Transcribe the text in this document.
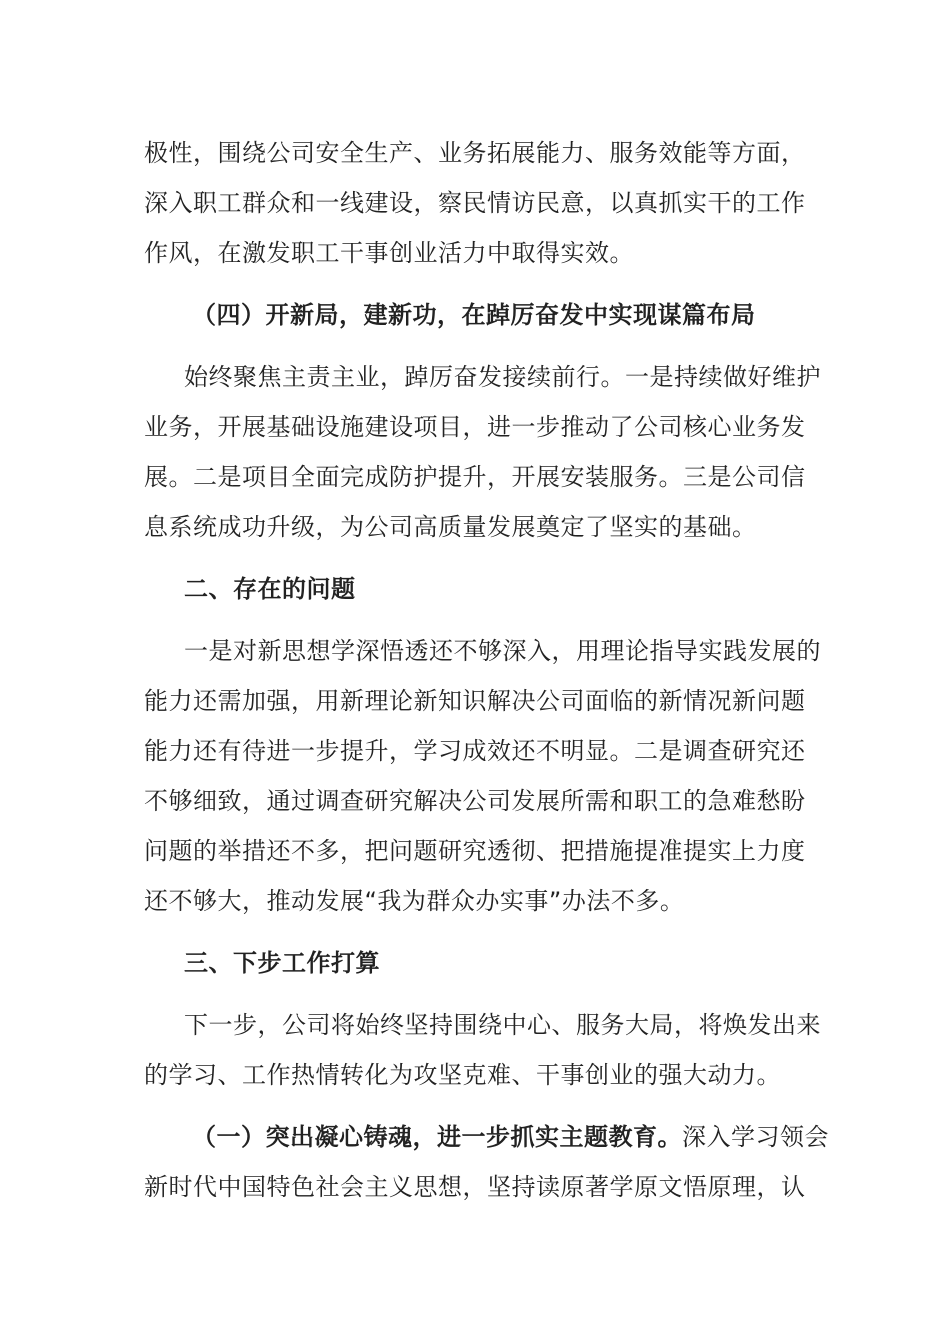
极性，围绕公司安全生产、业务拓展能力、服务效能等方面，
深入职工群众和一线建设，察民情访民意，以真抓实干的工作
作风，在激发职工干事创业活力中取得实效。
（四）开新局，建新功，在踔厉奋发中实现谋篇布局
始终聚焦主责主业，踔厉奋发接续前行。一是持续做好维护
业务，开展基础设施建设项目，进一步推动了公司核心业务发
展。二是项目全面完成防护提升，开展安装服务。三是公司信
息系统成功升级，为公司高质量发展奠定了坚实的基础。
二、存在的问题
一是对新思想学深悟透还不够深入，用理论指导实践发展的
能力还需加强，用新理论新知识解决公司面临的新情况新问题
能力还有待进一步提升，学习成效还不明显。二是调查研究还
不够细致，通过调查研究解决公司发展所需和职工的急难愁盼
问题的举措还不多，把问题研究透彻、把措施提准提实上力度
还不够大，推动发展“我为群众办实事”办法不多。
三、下步工作打算
下一步，公司将始终坚持围绕中心、服务大局，将焕发出来
的学习、工作热情转化为攻坚克难、干事创业的强大动力。
（一）突出凝心铸魂，进一步抓实主题教育。深入学习领会
新时代中国特色社会主义思想，坚持读原著学原文悟原理，认
